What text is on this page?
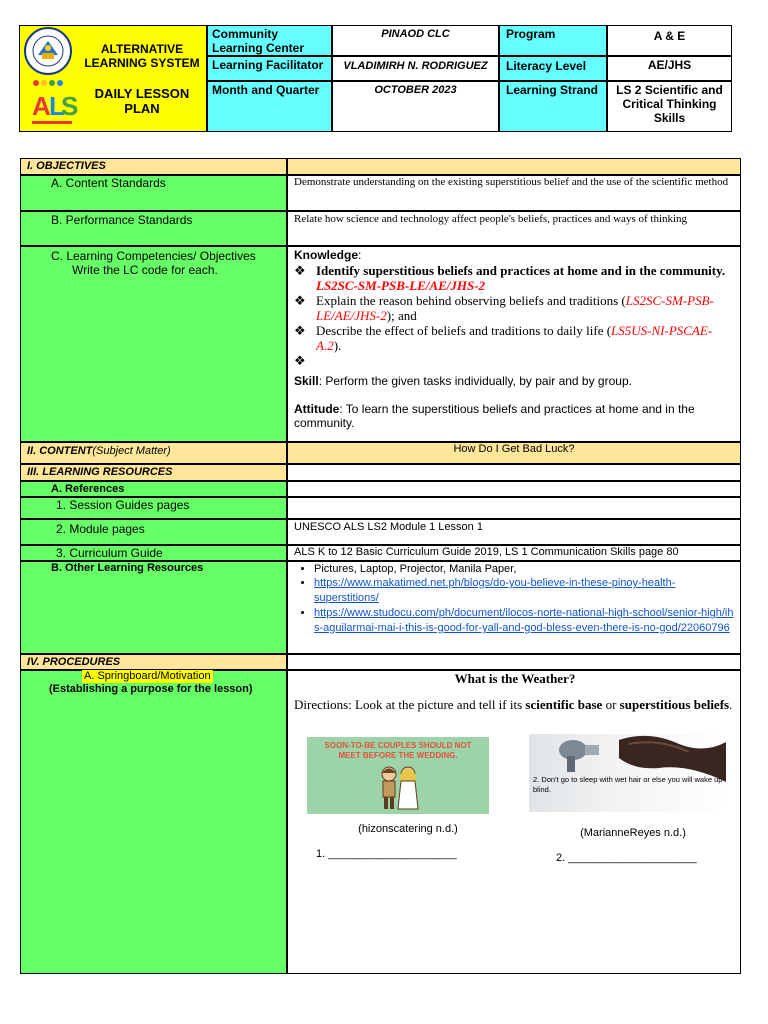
ALTERNATIVE LEARNING SYSTEM
A
L
S DAILY LESSON PLAN
Community Learning Center
PINAOD CLC	Program	A & E
Learning Facilitator	VLADIMIRH N. RODRIGUEZ	Literacy Level	AE/JHS
Month and Quarter	OCTOBER 2023	Learning Strand	LS 2 Scientific and Critical Thinking Skills
I. OBJECTIVES
A. Content Standards	Demonstrate understanding on the existing superstitious belief and the use of the scientific method
B. Performance Standards	Relate how science and technology affect people's beliefs, practices and ways of thinking
C. Learning Competencies/ Objectives
Write the LC code for each.
Knowledge:
❖ Identify superstitious beliefs and practices at home and in the community.
LS2SC-SM-PSB-LE/AE/JHS-2
❖ Explain the reason behind observing beliefs and traditions (LS2SC-SM-PSB-LE/AE/JHS-2); and
❖ Describe the effect of beliefs and traditions to daily life (LS5US-NI-PSCAE- A.2).
❖
Skill: Perform the given tasks individually, by pair and by group.
Attitude: To learn the superstitious beliefs and practices at home and in the community.
II. CONTENT(Subject Matter)	How Do I Get Bad Luck?
III. LEARNING RESOURCES
A. References
1. Session Guides pages
2. Module pages	UNESCO ALS LS2 Module 1 Lesson 1
3. Curriculum Guide	ALS K to 12 Basic Curriculum Guide 2019, LS 1 Communication Skills page 80
B. Other Learning Resources
•	Pictures, Laptop, Projector, Manila Paper,
• https://www.makatimed.net.ph/blogs/do-you-believe-in-these-pinoy-health-superstitions/
• https://www.studocu.com/ph/document/ilocos-norte-national-high-school/senior-high/ihs-aguilarmai-mai-i-this-is-good-for-yall-and-god-bless-even-there-is-no-god/22060796
IV. PROCEDURES
A. Springboard/Motivation
(Establishing a purpose for the lesson)
What is the Weather?
Directions: Look at the picture and tell if its scientific base or superstitious beliefs.
SOON-TO-BE COUPLES SHOULD NOT MEET BEFORE THE WEDDING.
(hizonscatering n.d.)
1. _____________________
2. Don't go to sleep with wet hair or else you will wake up blind.
(MarianneReyes n.d.)
2. _____________________
